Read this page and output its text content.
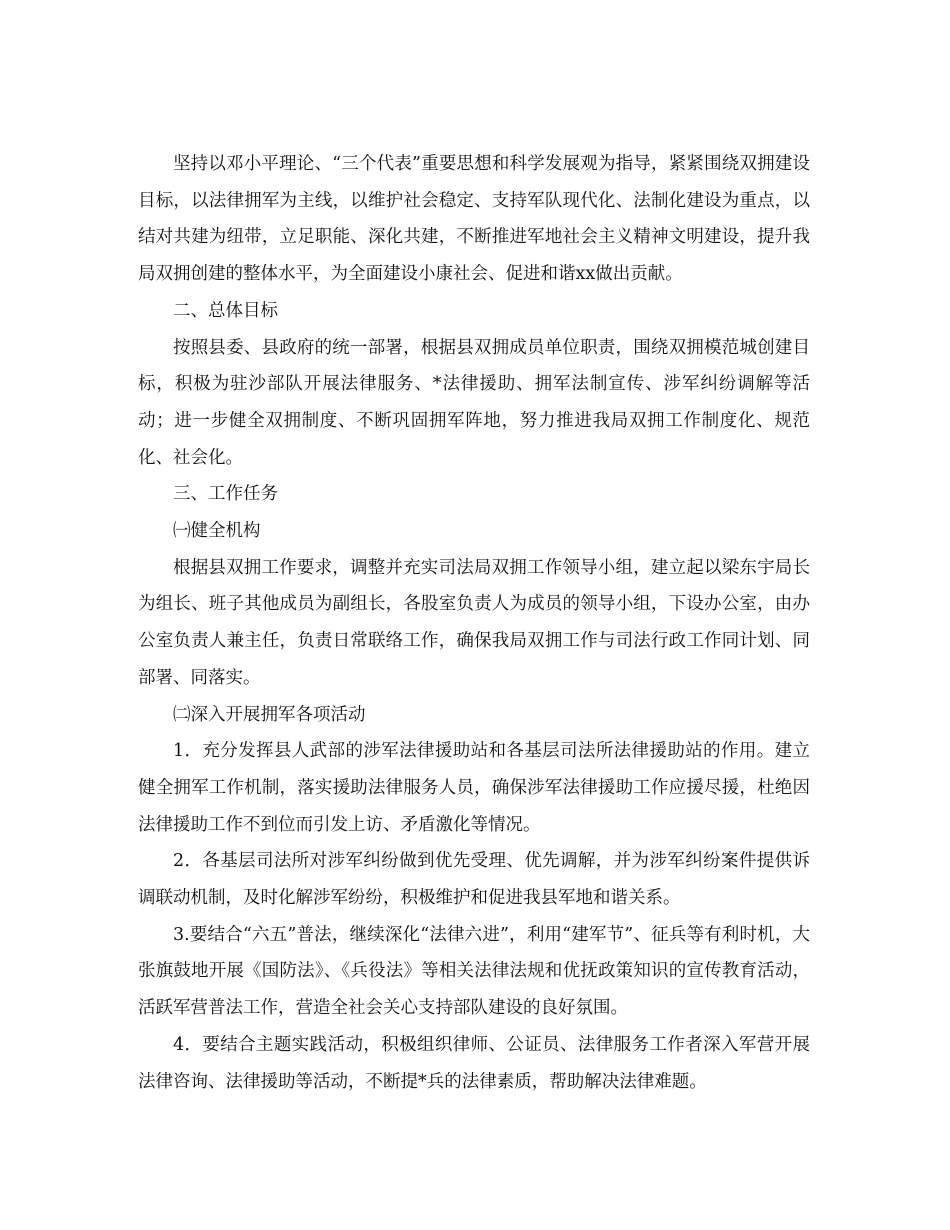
坚持以邓小平理论、“三个代表”重要思想和科学发展观为指导，紧紧围绕双拥建设目标，以法律拥军为主线，以维护社会稳定、支持军队现代化、法制化建设为重点，以结对共建为纽带，立足职能、深化共建，不断推进军地社会主义精神文明建设，提升我局双拥创建的整体水平，为全面建设小康社会、促进和谐xx做出贡献。

二、总体目标

按照县委、县政府的统一部署，根据县双拥成员单位职责，围绕双拥模范城创建目标，积极为驻沙部队开展法律服务、*法律援助、拥军法制宣传、涉军纠纷调解等活动；进一步健全双拥制度、不断巩固拥军阵地，努力推进我局双拥工作制度化、规范化、社会化。

三、工作任务

㈠健全机构

根据县双拥工作要求，调整并充实司法局双拥工作领导小组，建立起以梁东宇局长为组长、班子其他成员为副组长，各股室负责人为成员的领导小组，下设办公室，由办公室负责人兼主任，负责日常联络工作，确保我局双拥工作与司法行政工作同计划、同部署、同落实。

㈡深入开展拥军各项活动

1．充分发挥县人武部的涉军法律援助站和各基层司法所法律援助站的作用。建立健全拥军工作机制，落实援助法律服务人员，确保涉军法律援助工作应援尽援，杜绝因法律援助工作不到位而引发上访、矛盾激化等情况。

2．各基层司法所对涉军纠纷做到优先受理、优先调解，并为涉军纠纷案件提供诉调联动机制，及时化解涉军纷纷，积极维护和促进我县军地和谐关系。

3.要结合“六五”普法，继续深化“法律六进”，利用“建军节”、征兵等有利时机，大张旗鼓地开展《国防法》、《兵役法》等相关法律法规和优抚政策知识的宣传教育活动，活跃军营普法工作，营造全社会关心支持部队建设的良好氛围。

4．要结合主题实践活动，积极组织律师、公证员、法律服务工作者深入军营开展法律咨询、法律援助等活动，不断提*兵的法律素质，帮助解决法律难题。
